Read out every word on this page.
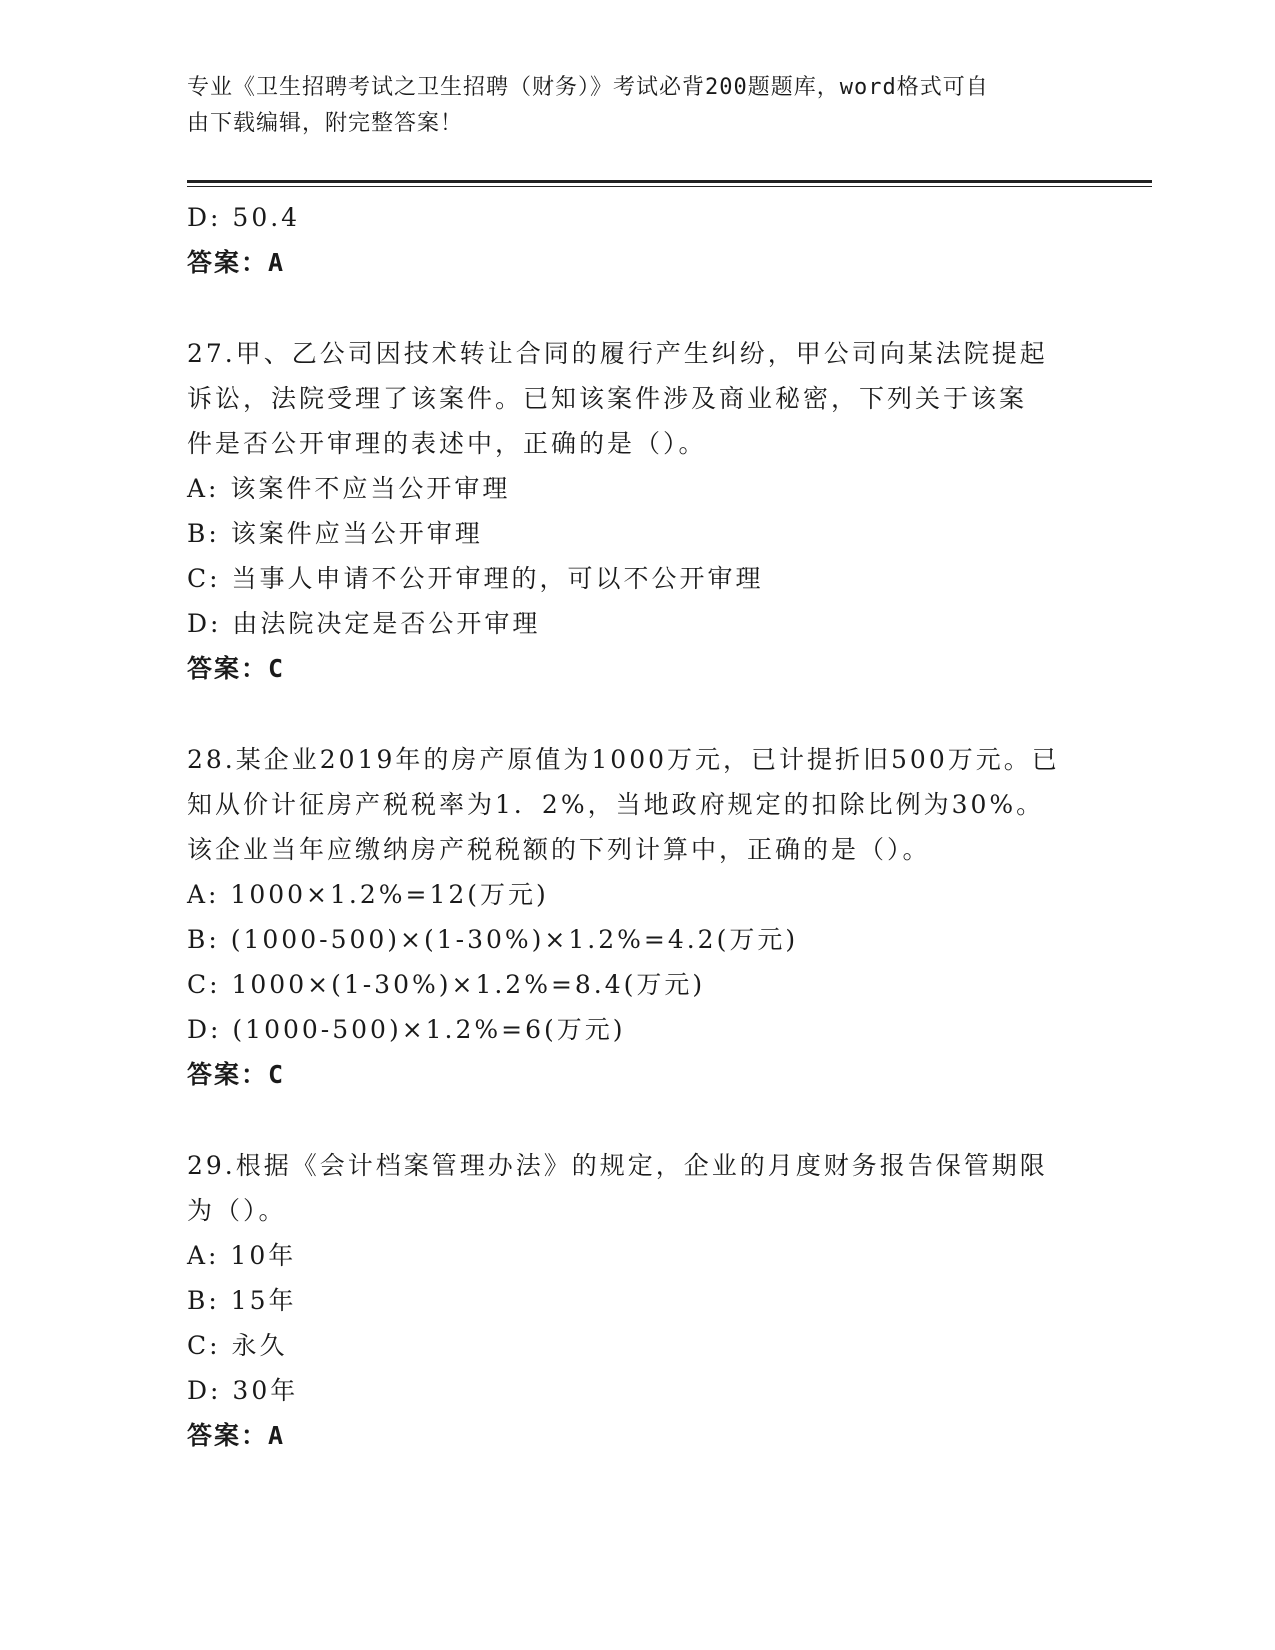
专业《卫生招聘考试之卫生招聘（财务）》考试必背200题题库，word格式可自
由下载编辑，附完整答案！

D: 50.4

答案：A

27.甲、乙公司因技术转让合同的履行产生纠纷，甲公司向某法院提起

诉讼，法院受理了该案件。已知该案件涉及商业秘密，下列关于该案

件是否公开审理的表述中，正确的是（）。

A: 该案件不应当公开审理

B: 该案件应当公开审理

C: 当事人申请不公开审理的，可以不公开审理

D: 由法院决定是否公开审理

答案：C

28.某企业2019年的房产原值为1000万元，已计提折旧500万元。已

知从价计征房产税税率为1．2%，当地政府规定的扣除比例为30%。

该企业当年应缴纳房产税税额的下列计算中，正确的是（）。

A: 1000×1.2%=12(万元)

B: (1000-500)×(1-30%)×1.2%=4.2(万元)

C: 1000×(1-30%)×1.2%=8.4(万元)

D: (1000-500)×1.2%=6(万元)

答案：C

29.根据《会计档案管理办法》的规定，企业的月度财务报告保管期限

为（）。

A: 10年

B: 15年

C: 永久

D: 30年

答案：A
